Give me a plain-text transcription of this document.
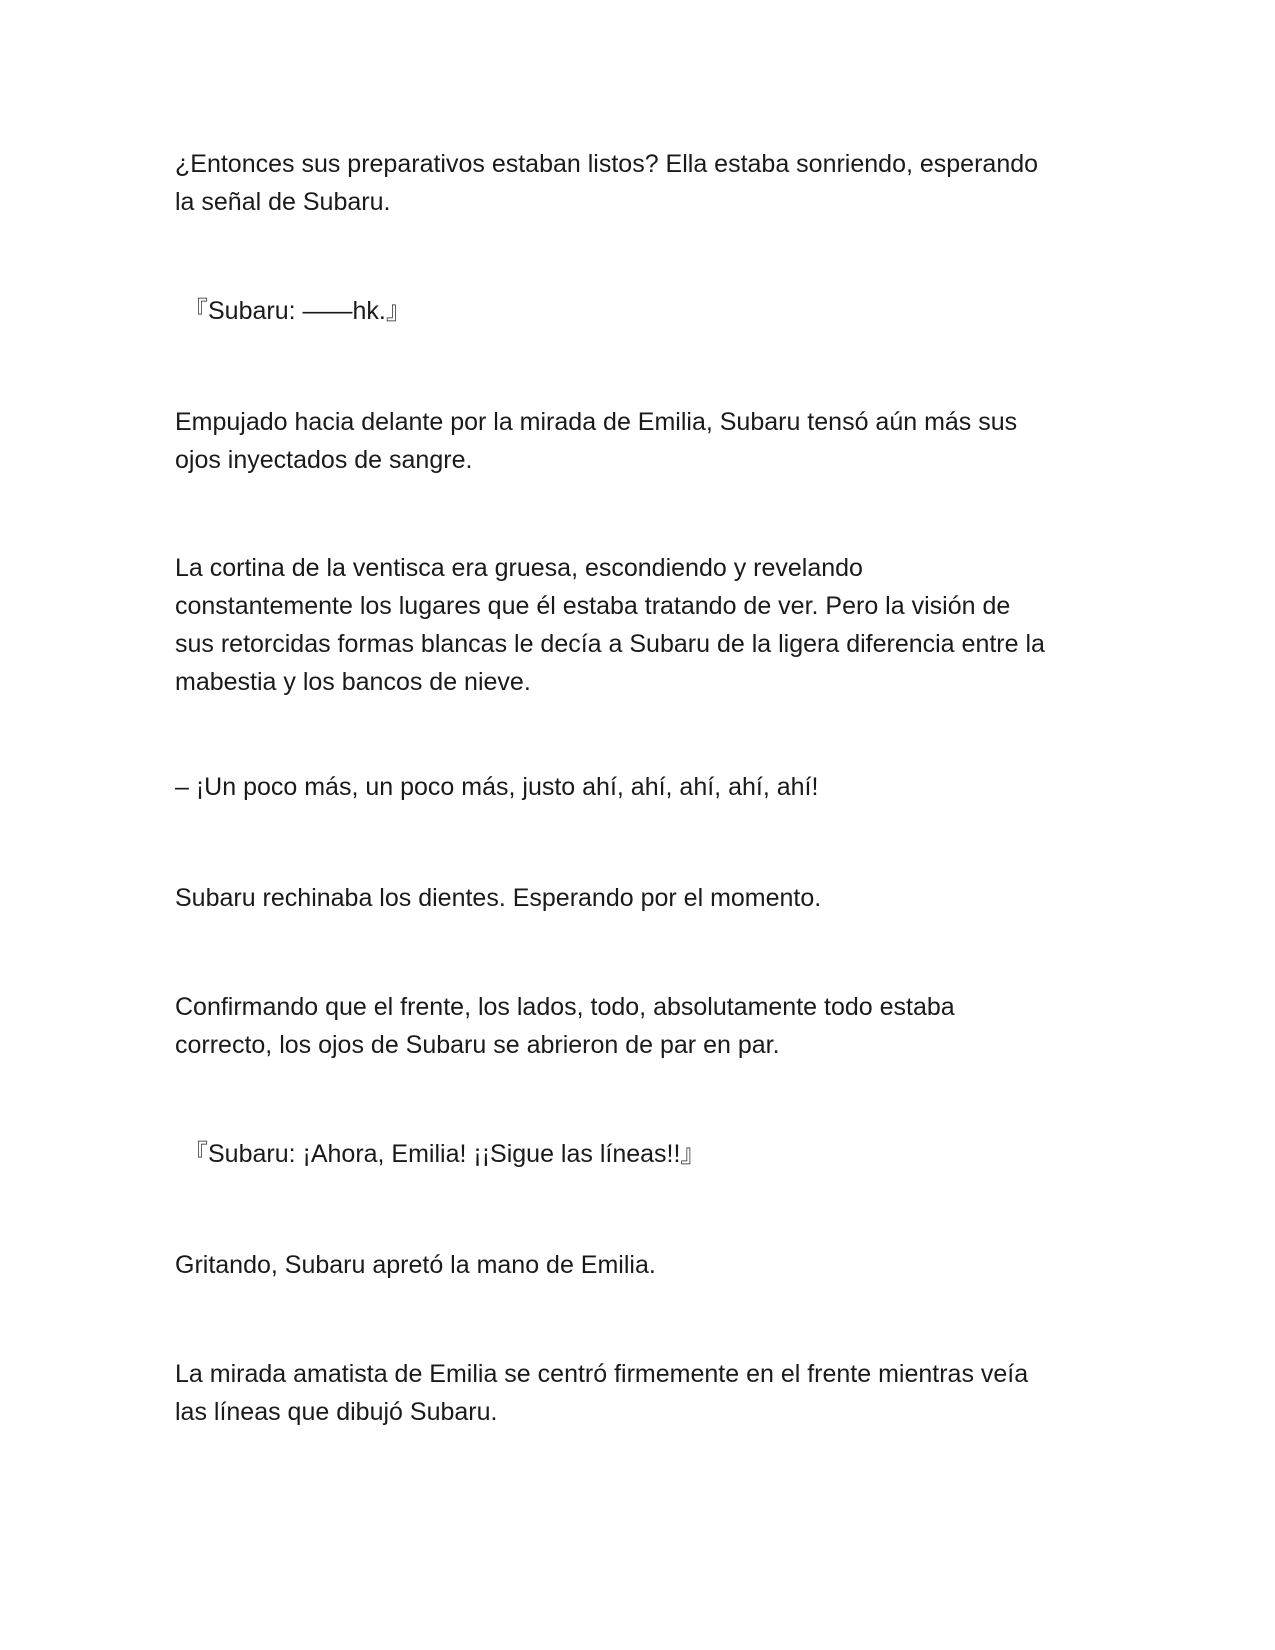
¿Entonces sus preparativos estaban listos? Ella estaba sonriendo, esperando
la señal de Subaru.

『Subaru: ——hk.』

Empujado hacia delante por la mirada de Emilia, Subaru tensó aún más sus
ojos inyectados de sangre.

La cortina de la ventisca era gruesa, escondiendo y revelando
constantemente los lugares que él estaba tratando de ver. Pero la visión de
sus retorcidas formas blancas le decía a Subaru de la ligera diferencia entre la
mabestia y los bancos de nieve.

– ¡Un poco más, un poco más, justo ahí, ahí, ahí, ahí, ahí!

Subaru rechinaba los dientes. Esperando por el momento.

Confirmando que el frente, los lados, todo, absolutamente todo estaba
correcto, los ojos de Subaru se abrieron de par en par.

『Subaru: ¡Ahora, Emilia! ¡¡Sigue las líneas!!』

Gritando, Subaru apretó la mano de Emilia.

La mirada amatista de Emilia se centró firmemente en el frente mientras veía
las líneas que dibujó Subaru.
